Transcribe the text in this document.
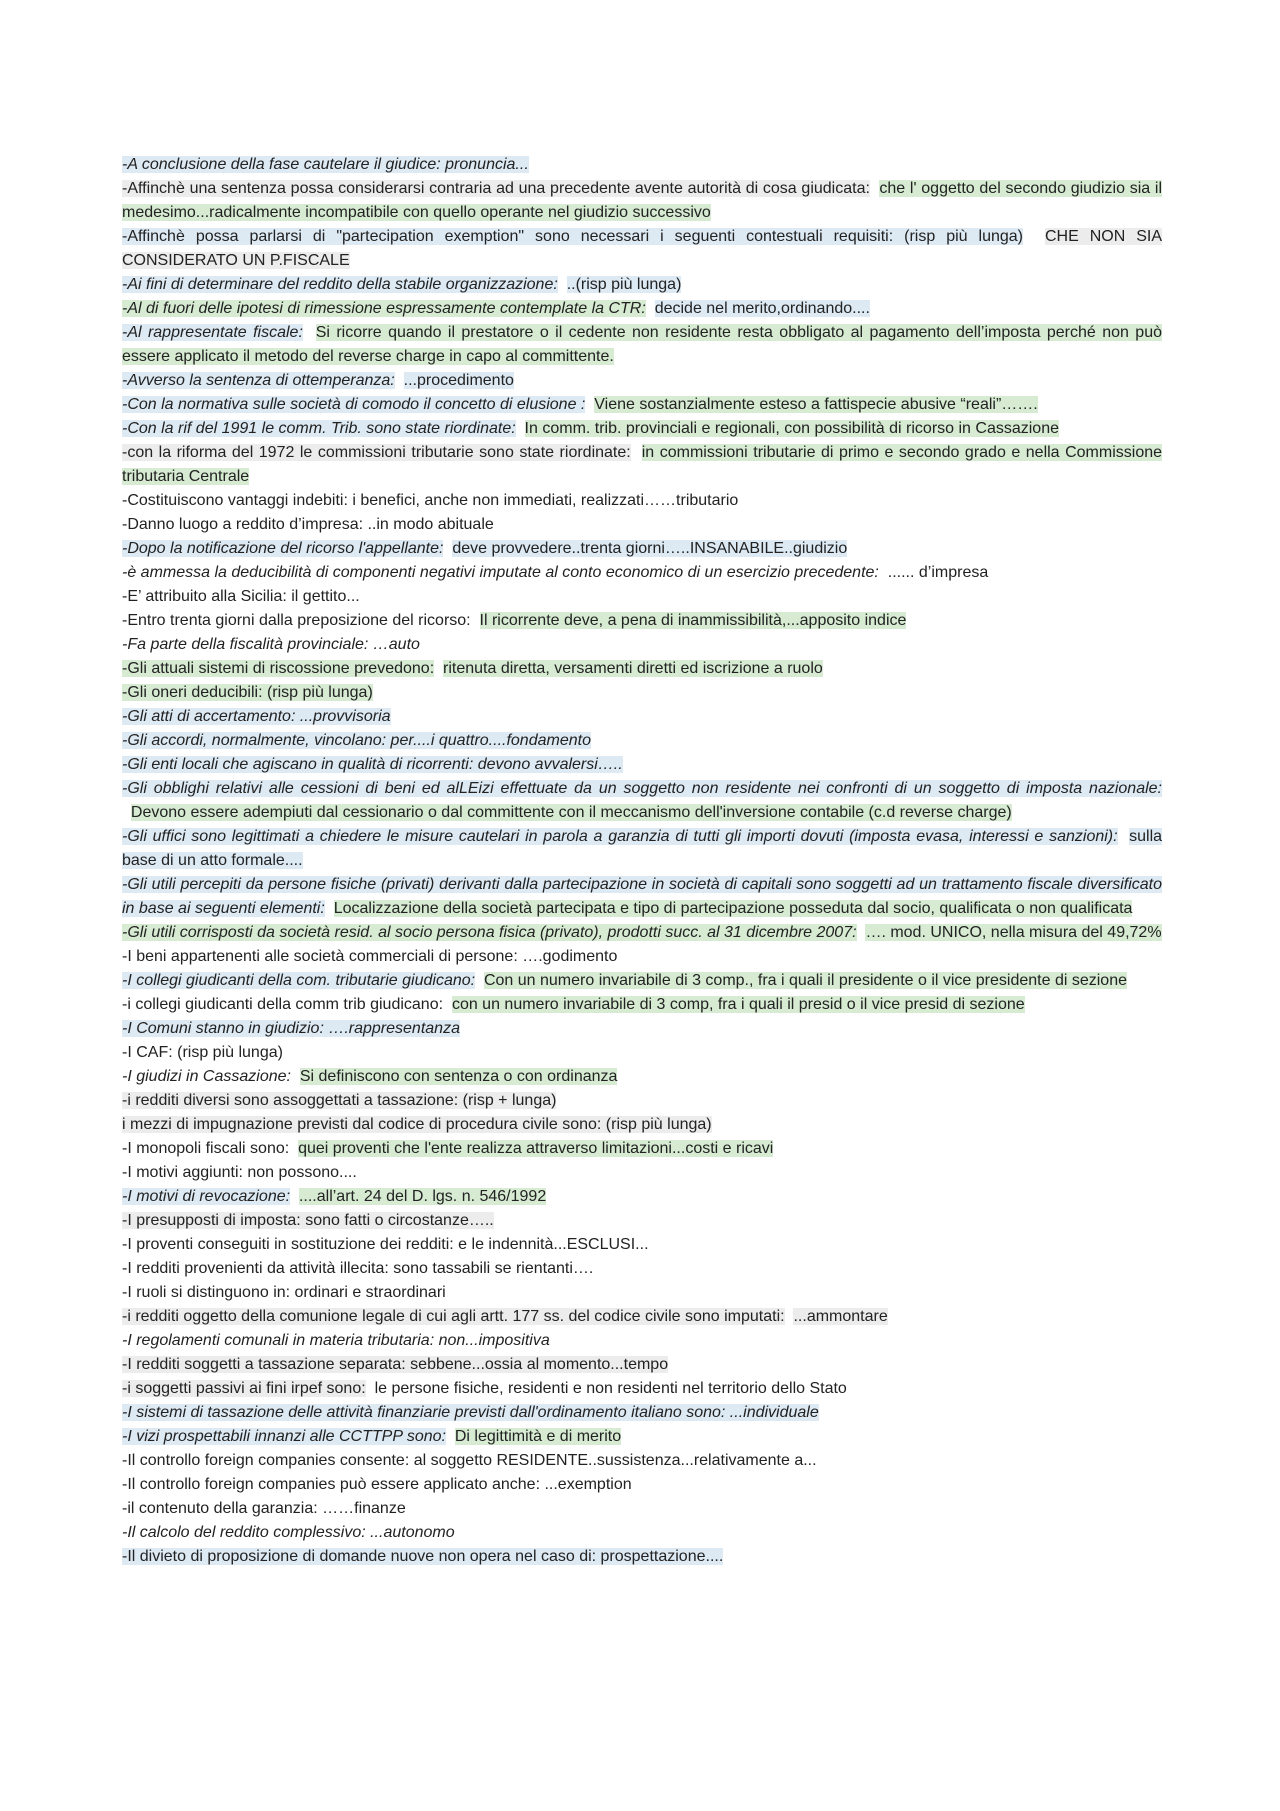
-A conclusione della fase cautelare il giudice: pronuncia...
-Affinchè una sentenza possa considerarsi contraria ad una precedente avente autorità di cosa giudicata: che l' oggetto del secondo giudizio sia il medesimo...radicalmente incompatibile con quello operante nel giudizio successivo
-Affinchè possa parlarsi di "partecipation exemption" sono necessari i seguenti contestuali requisiti: (risp più lunga) CHE NON SIA CONSIDERATO UN P.FISCALE
-Ai fini di determinare del reddito della stabile organizzazione: ..(risp più lunga)
-Al di fuori delle ipotesi di rimessione espressamente contemplate la CTR: decide nel merito,ordinando....
-Al rappresentate fiscale: Si ricorre quando il prestatore o il cedente non residente resta obbligato al pagamento dell’imposta perché non può essere applicato il metodo del reverse charge in capo al committente.
-Avverso la sentenza di ottemperanza: ...procedimento
-Con la normativa sulle società di comodo il concetto di elusione : Viene sostanzialmente esteso a fattispecie abusive “reali”…….
-Con la rif del 1991 le comm. Trib. sono state riordinate: In comm. trib. provinciali e regionali, con possibilità di ricorso in Cassazione
-con la riforma del 1972 le commissioni tributarie sono state riordinate: in commissioni tributarie di primo e secondo grado e nella Commissione tributaria Centrale
-Costituiscono vantaggi indebiti: i benefici, anche non immediati, realizzati……tributario
-Danno luogo a reddito d’impresa: ..in modo abituale
-Dopo la notificazione del ricorso l'appellante: deve provvedere..trenta giorni…..INSANABILE..giudizio
-è ammessa la deducibilità di componenti negativi imputate al conto economico di un esercizio precedente: ...... d’impresa
-E’ attribuito alla Sicilia: il gettito...
-Entro trenta giorni dalla preposizione del ricorso: Il ricorrente deve, a pena di inammissibilità,...apposito indice
-Fa parte della fiscalità provinciale: …auto
-Gli attuali sistemi di riscossione prevedono: ritenuta diretta, versamenti diretti ed iscrizione a ruolo
-Gli oneri deducibili: (risp più lunga)
-Gli atti di accertamento: ...provvisoria
-Gli accordi, normalmente, vincolano: per....i quattro....fondamento
-Gli enti locali che agiscano in qualità di ricorrenti: devono avvalersi…..
-Gli obblighi relativi alle cessioni di beni ed alLEizi effettuate da un soggetto non residente nei confronti di un soggetto di imposta nazionale:  Devono essere adempiuti dal cessionario o dal committente con il meccanismo dell'inversione contabile (c.d reverse charge)
-Gli uffici sono legittimati a chiedere le misure cautelari in parola a garanzia di tutti gli importi dovuti (imposta evasa, interessi e sanzioni): sulla base di un atto formale....
-Gli utili percepiti da persone fisiche (privati) derivanti dalla partecipazione in società di capitali sono soggetti ad un trattamento fiscale diversificato in base ai seguenti elementi: Localizzazione della società partecipata e tipo di partecipazione posseduta dal socio, qualificata o non qualificata
-Gli utili corrisposti da società resid. al socio persona fisica (privato), prodotti succ. al 31 dicembre 2007: …. mod. UNICO, nella misura del 49,72%
-I beni appartenenti alle società commerciali di persone: ….godimento
-I collegi giudicanti della com. tributarie giudicano: Con un numero invariabile di 3 comp., fra i quali il presidente o il vice presidente di sezione
-i collegi giudicanti della comm trib giudicano: con un numero invariabile di 3 comp, fra i quali il presid o il vice presid di sezione
-I Comuni stanno in giudizio: ….rappresentanza
-I CAF: (risp più lunga)
-I giudizi in Cassazione: Si definiscono con sentenza o con ordinanza
-i redditi diversi sono assoggettati a tassazione: (risp + lunga)
i mezzi di impugnazione previsti dal codice di procedura civile sono: (risp più lunga)
-I monopoli fiscali sono: quei proventi che l'ente realizza attraverso limitazioni...costi e ricavi
-I motivi aggiunti: non possono....
-I motivi di revocazione: ....all’art. 24 del D. lgs. n. 546/1992
-I presupposti di imposta: sono fatti o circostanze…..
-I proventi conseguiti in sostituzione dei redditi: e le indennità...ESCLUSI...
-I redditi provenienti da attività illecita: sono tassabili se rientanti….
-I ruoli si distinguono in: ordinari e straordinari
-i redditi oggetto della comunione legale di cui agli artt. 177 ss. del codice civile sono imputati: ...ammontare
-I regolamenti comunali in materia tributaria: non...impositiva
-I redditi soggetti a tassazione separata: sebbene...ossia al momento...tempo
-i soggetti passivi ai fini irpef sono: le persone fisiche, residenti e non residenti nel territorio dello Stato
-I sistemi di tassazione delle attività finanziarie previsti dall'ordinamento italiano sono: ...individuale
-I vizi prospettabili innanzi alle CCTTPP sono: Di legittimità e di merito
-Il controllo foreign companies consente: al soggetto RESIDENTE..sussistenza...relativamente a...
-Il controllo foreign companies può essere applicato anche: ...exemption
-il contenuto della garanzia: ……finanze
-Il calcolo del reddito complessivo: ...autonomo
-Il divieto di proposizione di domande nuove non opera nel caso di: prospettazione....
